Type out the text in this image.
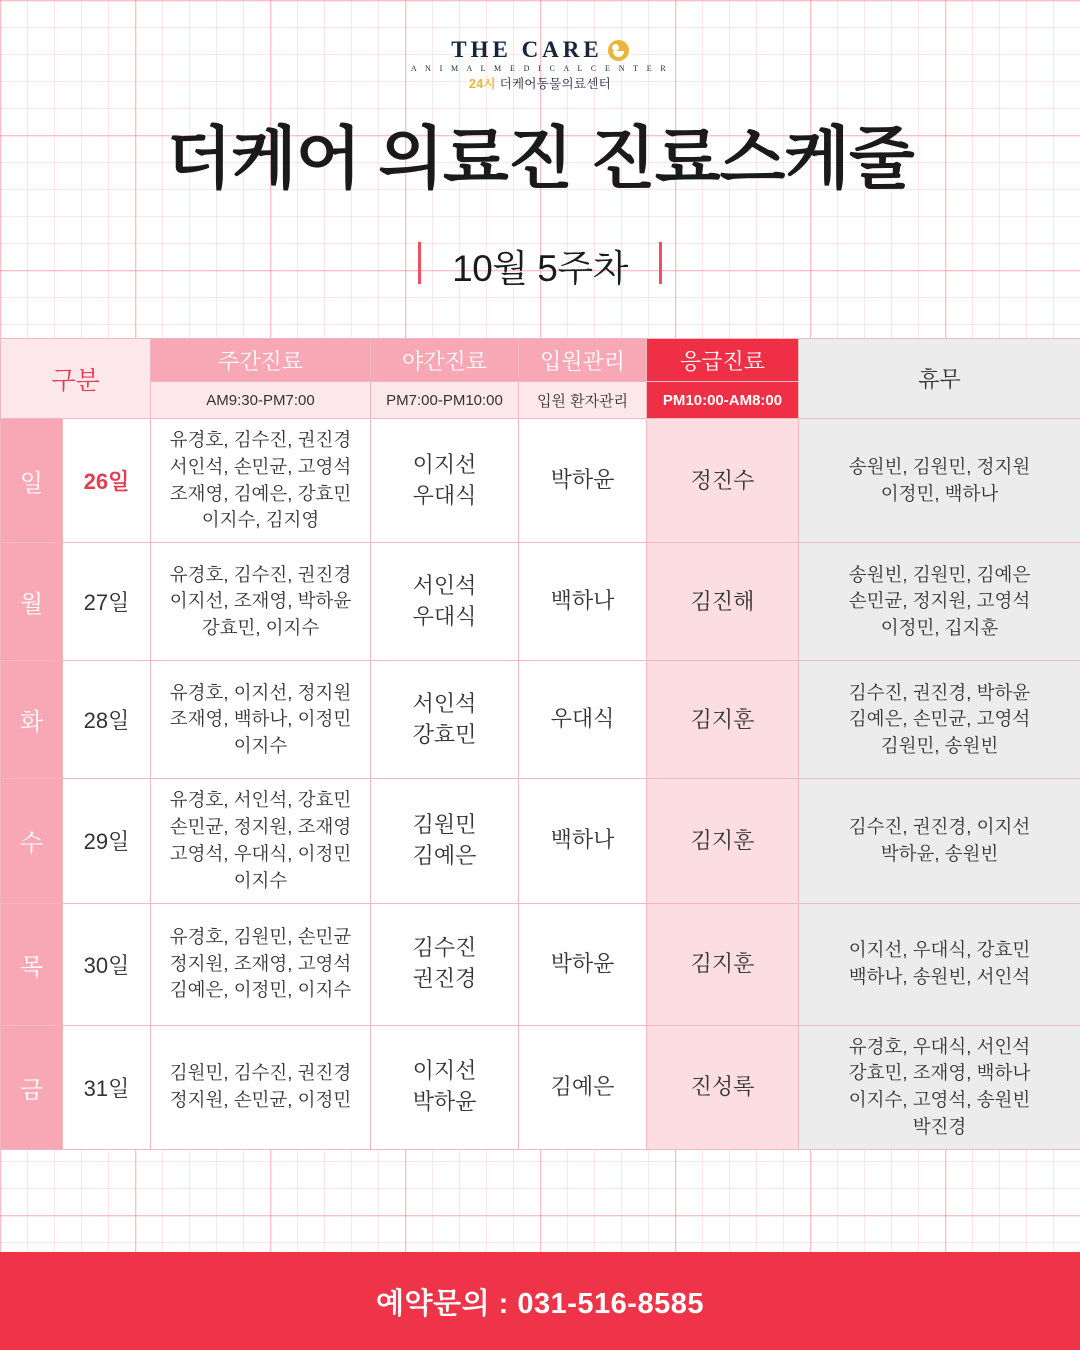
THE CARE
A N I M A L M E D I C A L C E N T E R
24시 더케어동물의료센터
더케어 의료진 진료스케줄
10월 5주차
구분		주간진료	야간진료	입원관리	응급진료	휴무
		AM9:30-PM7:00	PM7:00-PM10:00	입원 환자관리	PM10:00-AM8:00	
일	26일	유경호, 김수진, 권진경
서인석, 손민균, 고영석
조재영, 김예은, 강효민
이지수, 김지영	이지선
우대식	박하윤	정진수	송원빈, 김원민, 정지원
이정민, 백하나
월	27일	유경호, 김수진, 권진경
이지선, 조재영, 박하윤
강효민, 이지수	서인석
우대식	백하나	김진해	송원빈, 김원민, 김예은
손민균, 정지원, 고영석
이정민, 깁지훈
화	28일	유경호, 이지선, 정지원
조재영, 백하나, 이정민
이지수	서인석
강효민	우대식	김지훈	김수진, 권진경, 박하윤
김예은, 손민균, 고영석
김원민, 송원빈
수	29일	유경호, 서인석, 강효민
손민균, 정지원, 조재영
고영석, 우대식, 이정민
이지수	김원민
김예은	백하나	김지훈	김수진, 권진경, 이지선
박하윤, 송원빈
목	30일	유경호, 김원민, 손민균
정지원, 조재영, 고영석
김예은, 이정민, 이지수	김수진
권진경	박하윤	김지훈	이지선, 우대식, 강효민
백하나, 송원빈, 서인석
금	31일	김원민, 김수진, 권진경
정지원, 손민균, 이정민	이지선
박하윤	김예은	진성록	유경호, 우대식, 서인석
강효민, 조재영, 백하나
이지수, 고영석, 송원빈
박진경
예약문의 : 031-516-8585
